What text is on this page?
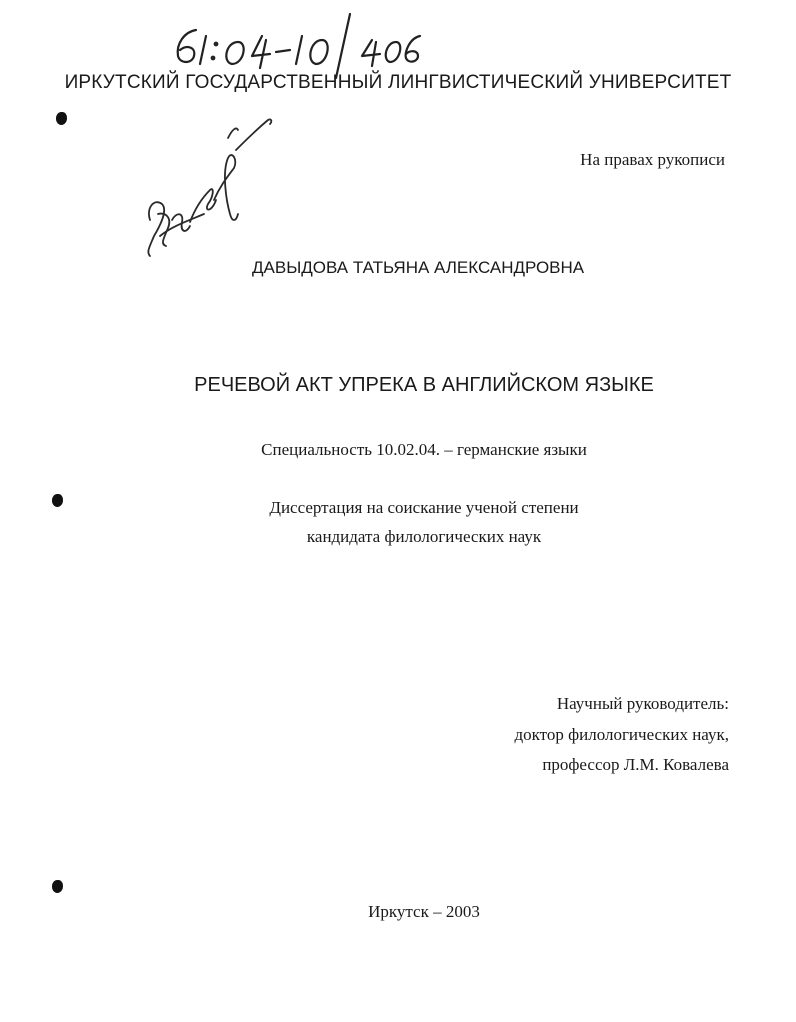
ИРКУТСКИЙ ГОСУДАРСТВЕННЫЙ ЛИНГВИСТИЧЕСКИЙ УНИВЕРСИТЕТ
На правах рукописи
ДАВЫДОВА ТАТЬЯНА АЛЕКСАНДРОВНА
РЕЧЕВОЙ АКТ УПРЕКА В АНГЛИЙСКОМ ЯЗЫКЕ
Специальность 10.02.04. – германские языки
Диссертация на соискание ученой степени
кандидата филологических наук
Научный руководитель:
доктор филологических наук,
профессор Л.М. Ковалева
Иркутск – 2003
